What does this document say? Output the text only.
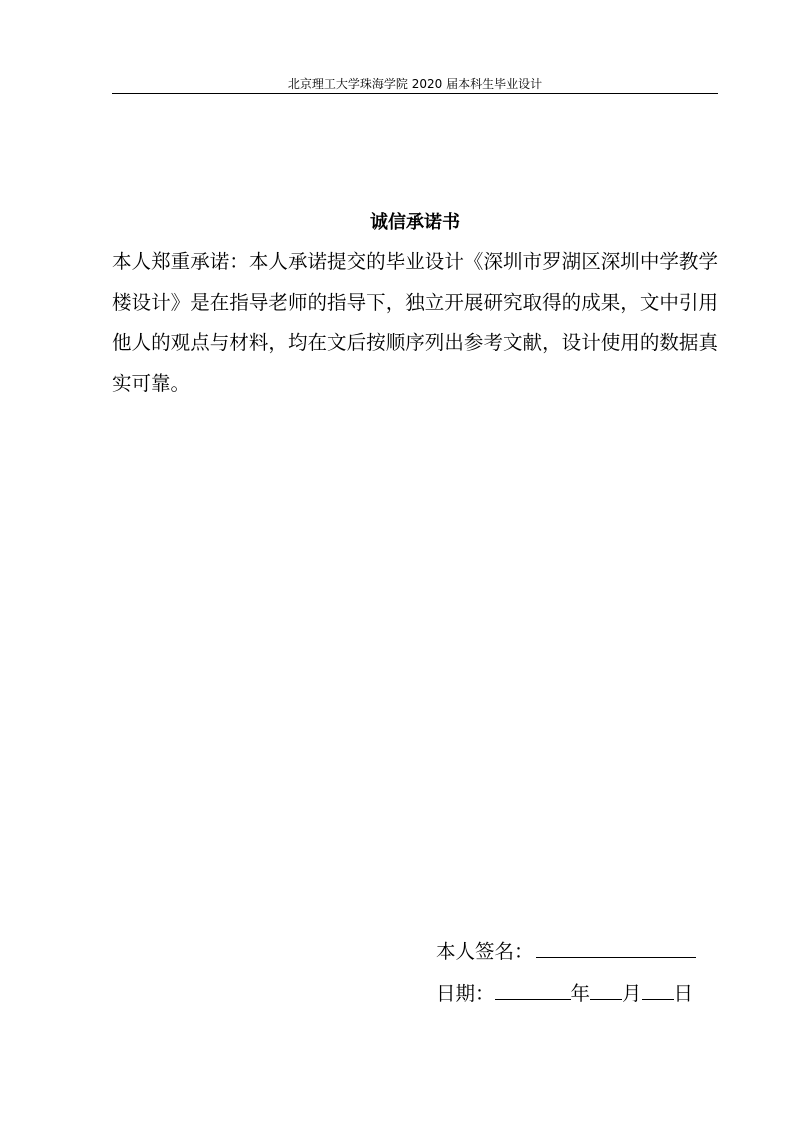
北京理工大学珠海学院 2020 届本科生毕业设计
诚信承诺书

本人郑重承诺：本人承诺提交的毕业设计《深圳市罗湖区深圳中学教学楼设计》是在指导老师的指导下，独立开展研究取得的成果，文中引用他人的观点与材料，均在文后按顺序列出参考文献，设计使用的数据真实可靠。

本人签名：
日期：	年 月 日
